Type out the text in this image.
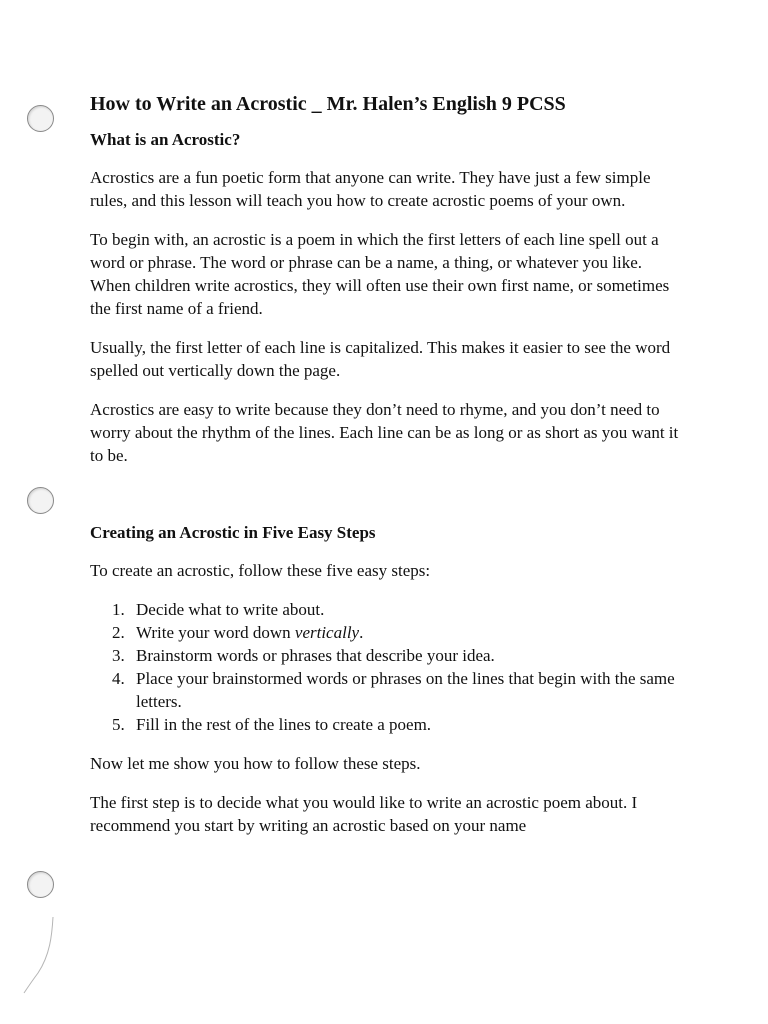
How to Write an Acrostic _ Mr. Halen’s English 9 PCSS
What is an Acrostic?

Acrostics are a fun poetic form that anyone can write. They have just a few simple rules, and this lesson will teach you how to create acrostic poems of your own.

To begin with, an acrostic is a poem in which the first letters of each line spell out a word or phrase. The word or phrase can be a name, a thing, or whatever you like. When children write acrostics, they will often use their own first name, or sometimes the first name of a friend.

Usually, the first letter of each line is capitalized. This makes it easier to see the word spelled out vertically down the page.

Acrostics are easy to write because they don’t need to rhyme, and you don’t need to worry about the rhythm of the lines. Each line can be as long or as short as you want it to be.

Creating an Acrostic in Five Easy Steps

To create an acrostic, follow these five easy steps:

1. Decide what to write about.
2. Write your word down vertically.
3. Brainstorm words or phrases that describe your idea.
4. Place your brainstormed words or phrases on the lines that begin with the same letters.
5. Fill in the rest of the lines to create a poem.

Now let me show you how to follow these steps.

The first step is to decide what you would like to write an acrostic poem about. I recommend you start by writing an acrostic based on your name
